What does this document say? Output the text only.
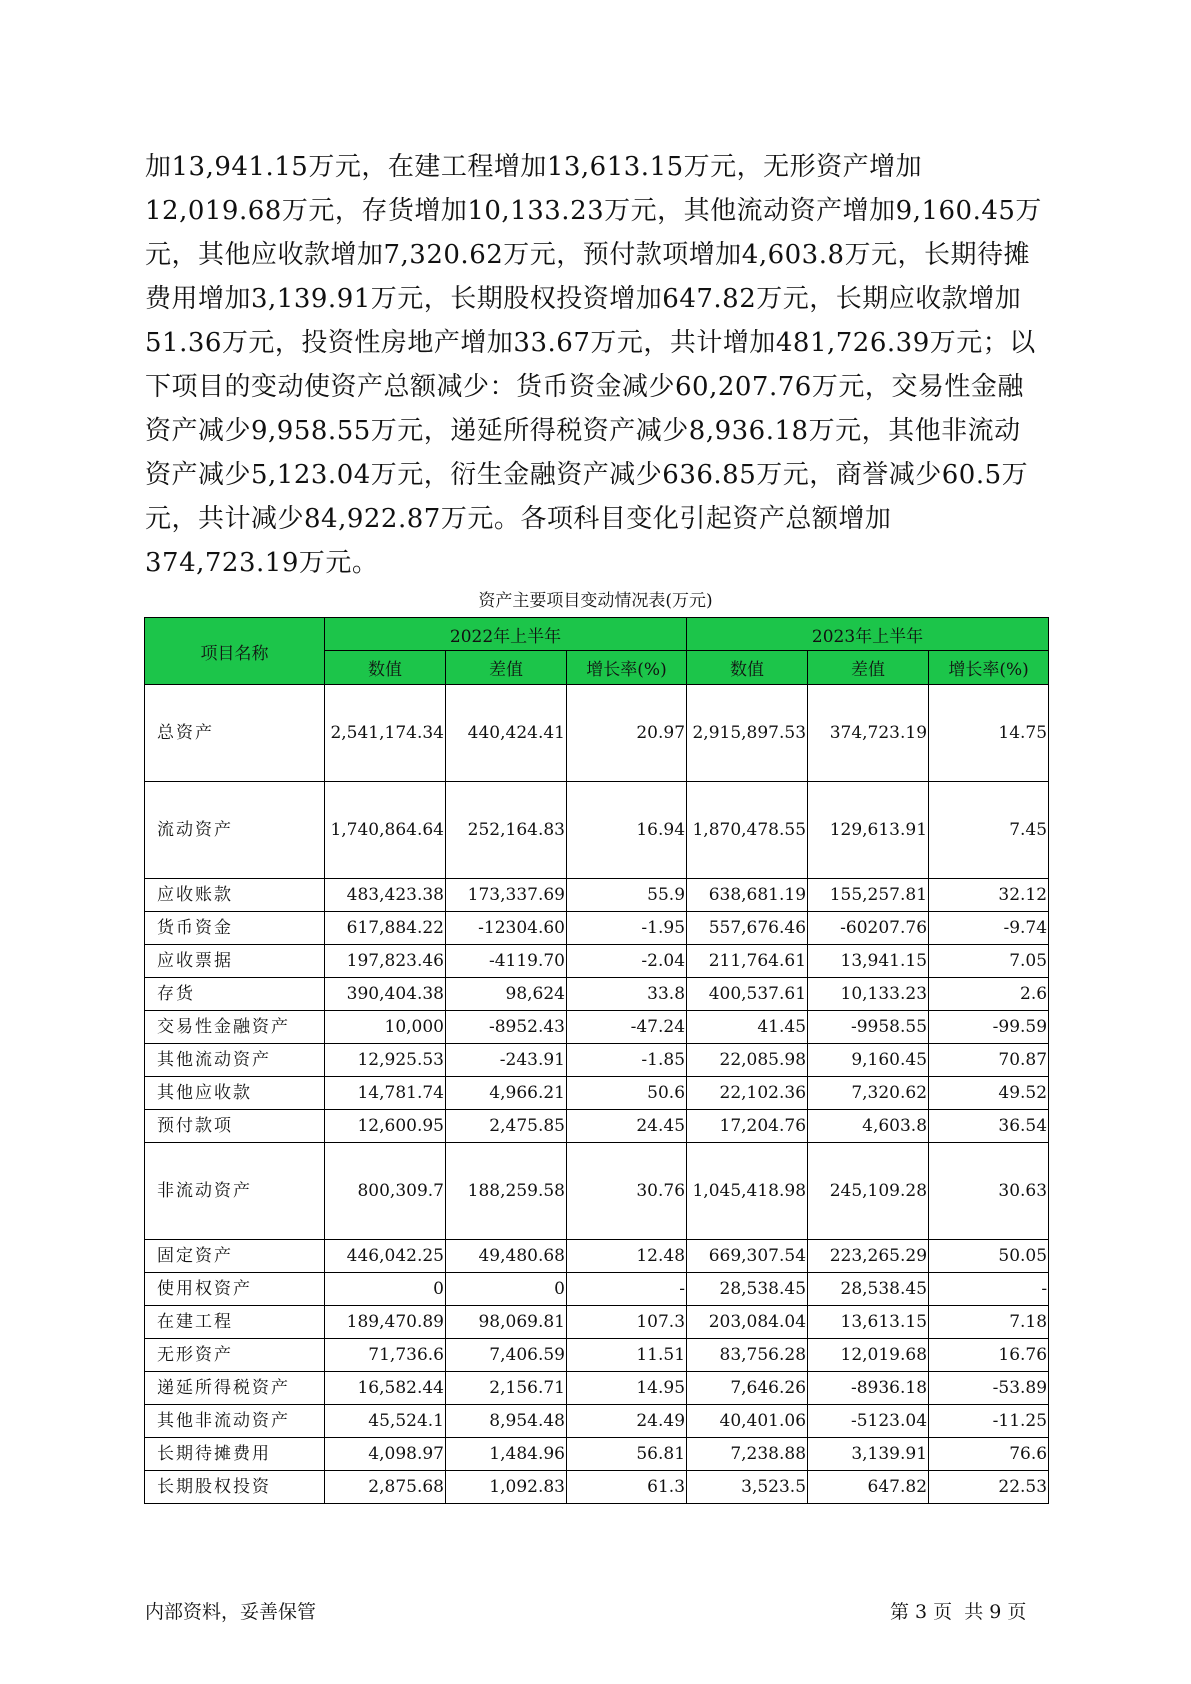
加13,941.15万元，在建工程增加13,613.15万元，无形资产增加12,019.68万元，存货增加10,133.23万元，其他流动资产增加9,160.45万元，其他应收款增加7,320.62万元，预付款项增加4,603.8万元，长期待摊费用增加3,139.91万元，长期股权投资增加647.82万元，长期应收款增加51.36万元，投资性房地产增加33.67万元，共计增加481,726.39万元；以下项目的变动使资产总额减少：货币资金减少60,207.76万元，交易性金融资产减少9,958.55万元，递延所得税资产减少8,936.18万元，其他非流动资产减少5,123.04万元，衍生金融资产减少636.85万元，商誉减少60.5万元，共计减少84,922.87万元。各项科目变化引起资产总额增加374,723.19万元。

资产主要项目变动情况表(万元)
项目名称	2022年上半年			2023年上半年		
	数值	差值	增长率(%)	数值	差值	增长率(%)
总资产	2,541,174.34	440,424.41	20.97	2,915,897.53	374,723.19	14.75
流动资产	1,740,864.64	252,164.83	16.94	1,870,478.55	129,613.91	7.45
应收账款	483,423.38	173,337.69	55.9	638,681.19	155,257.81	32.12
货币资金	617,884.22	-12304.60	-1.95	557,676.46	-60207.76	-9.74
应收票据	197,823.46	-4119.70	-2.04	211,764.61	13,941.15	7.05
存货	390,404.38	98,624	33.8	400,537.61	10,133.23	2.6
交易性金融资产	10,000	-8952.43	-47.24	41.45	-9958.55	-99.59
其他流动资产	12,925.53	-243.91	-1.85	22,085.98	9,160.45	70.87
其他应收款	14,781.74	4,966.21	50.6	22,102.36	7,320.62	49.52
预付款项	12,600.95	2,475.85	24.45	17,204.76	4,603.8	36.54
非流动资产	800,309.7	188,259.58	30.76	1,045,418.98	245,109.28	30.63
固定资产	446,042.25	49,480.68	12.48	669,307.54	223,265.29	50.05
使用权资产	0	0	-	28,538.45	28,538.45	-
在建工程	189,470.89	98,069.81	107.3	203,084.04	13,613.15	7.18
无形资产	71,736.6	7,406.59	11.51	83,756.28	12,019.68	16.76
递延所得税资产	16,582.44	2,156.71	14.95	7,646.26	-8936.18	-53.89
其他非流动资产	45,524.1	8,954.48	24.49	40,401.06	-5123.04	-11.25
长期待摊费用	4,098.97	1,484.96	56.81	7,238.88	3,139.91	76.6
长期股权投资	2,875.68	1,092.83	61.3	3,523.5	647.82	22.53
内部资料，妥善保管	第 3 页  共 9 页
